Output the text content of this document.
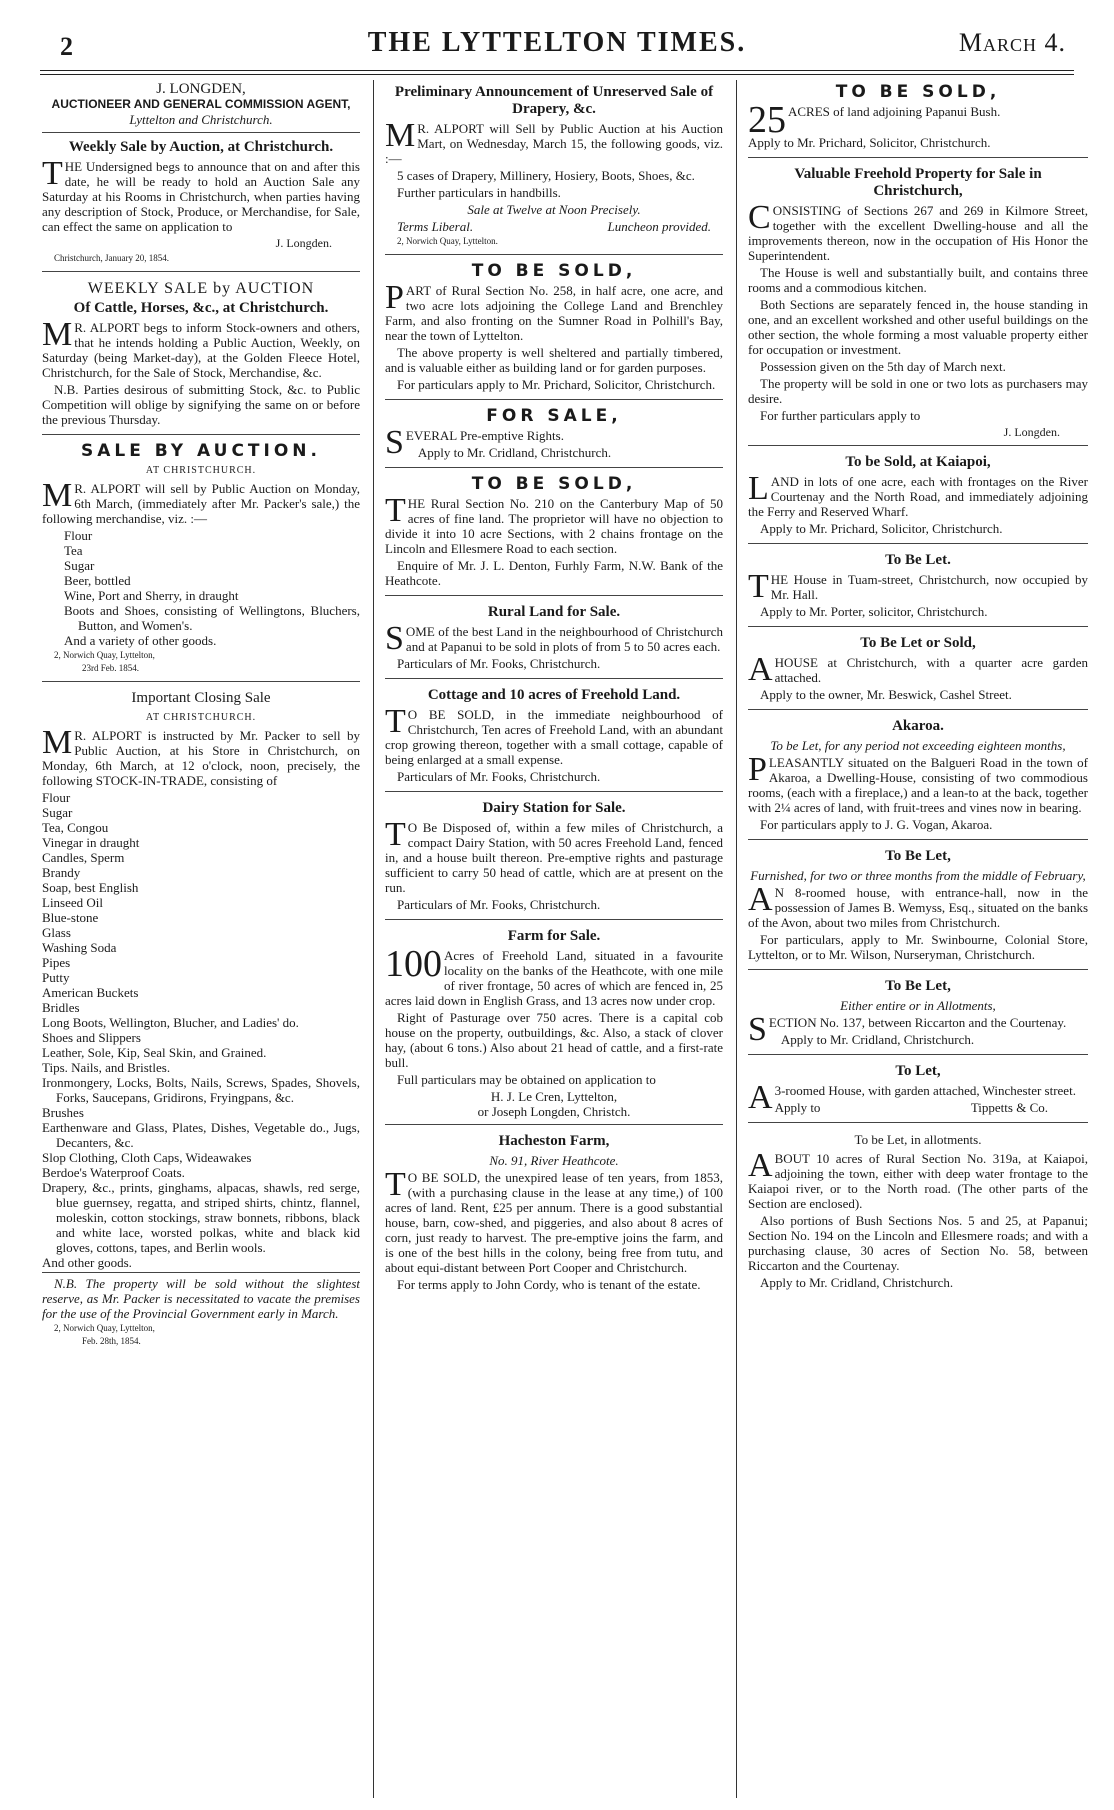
2	THE LYTTELTON TIMES.	March 4.
J. LONGDEN,
AUCTIONEER AND GENERAL COMMISSION AGENT,
Lyttelton and Christchurch.
Weekly Sale by Auction, at Christchurch.

THE Undersigned begs to announce that on and after this date, he will be ready to hold an Auction Sale any Saturday at his Rooms in Christchurch, when parties having any description of Stock, Produce, or Merchandise, for Sale, can effect the same on application to

J. Longden.
Christchurch, January 20, 1854.
WEEKLY SALE by AUCTION
Of Cattle, Horses, &c., at Christchurch.

M R. ALPORT begs to inform Stock-owners and others, that he intends holding a Public Auction, Weekly, on Saturday (being Market-day), at the Golden Fleece Hotel, Christchurch, for the Sale of Stock, Merchandise, &c.

N.B. Parties desirous of submitting Stock, &c. to Public Competition will oblige by signifying the same on or before the previous Thursday.

SALE BY AUCTION.
AT CHRISTCHURCH.

M R. ALPORT will sell by Public Auction on Monday, 6th March, (immediately after Mr. Packer's sale,) the following merchandise, viz. :—

Flour
Tea
Sugar
Beer, bottled
Wine, Port and Sherry, in draught
Boots and Shoes, consisting of Wellingtons, Bluchers, Button, and Women's.
And a variety of other goods.
2, Norwich Quay, Lyttelton,
23rd Feb. 1854.
Important Closing Sale
AT CHRISTCHURCH.

M R. ALPORT is instructed by Mr. Packer to sell by Public Auction, at his Store in Christchurch, on Monday, 6th March, at 12 o'clock, noon, precisely, the following STOCK-IN-TRADE, consisting of

Flour
Sugar
Tea, Congou
Vinegar in draught
Candles, Sperm
Brandy
Soap, best English
Linseed Oil
Blue-stone
Glass
Washing Soda
Pipes
Putty
American Buckets
Bridles
Long Boots, Wellington, Blucher, and Ladies' do.
Shoes and Slippers
Leather, Sole, Kip, Seal Skin, and Grained.
Tips. Nails, and Bristles.
Ironmongery, Locks, Bolts, Nails, Screws, Spades, Shovels, Forks, Saucepans, Gridirons, Fryingpans, &c.
Brushes
Earthenware and Glass, Plates, Dishes, Vegetable do., Jugs, Decanters, &c.
Slop Clothing, Cloth Caps, Wideawakes
Berdoe's Waterproof Coats.
Drapery, &c., prints, ginghams, alpacas, shawls, red serge, blue guernsey, regatta, and striped shirts, chintz, flannel, moleskin, cotton stockings, straw bonnets, ribbons, black and white lace, worsted polkas, white and black kid gloves, cottons, tapes, and Berlin wools.
And other goods.

N.B. The property will be sold without the slightest reserve, as Mr. Packer is necessitated to vacate the premises for the use of the Provincial Government early in March.

2, Norwich Quay, Lyttelton,
Feb. 28th, 1854.
Preliminary Announcement of Unreserved Sale of Drapery, &c.

M R. ALPORT will Sell by Public Auction at his Auction Mart, on Wednesday, March 15, the following goods, viz. :—

5 cases of Drapery, Millinery, Hosiery, Boots, Shoes, &c.

Further particulars in handbills.

Sale at Twelve at Noon Precisely.
Terms Liberal.	Luncheon provided.
2, Norwich Quay, Lyttelton.
TO BE SOLD,

PART of Rural Section No. 258, in half acre, one acre, and two acre lots adjoining the College Land and Brenchley Farm, and also fronting on the Sumner Road in Polhill's Bay, near the town of Lyttelton.

The above property is well sheltered and partially timbered, and is valuable either as building land or for garden purposes.

For particulars apply to Mr. Prichard, Solicitor, Christchurch.

FOR SALE,

SEVERAL Pre-emptive Rights.

Apply to Mr. Cridland, Christchurch.

TO BE SOLD,

THE Rural Section No. 210 on the Canterbury Map of 50 acres of fine land. The proprietor will have no objection to divide it into 10 acre Sections, with 2 chains frontage on the Lincoln and Ellesmere Road to each section.

Enquire of Mr. J. L. Denton, Furhly Farm, N.W. Bank of the Heathcote.

Rural Land for Sale.

SOME of the best Land in the neighbourhood of Christchurch and at Papanui to be sold in plots of from 5 to 50 acres each.

Particulars of Mr. Fooks, Christchurch.

Cottage and 10 acres of Freehold Land.

T O BE SOLD, in the immediate neighbourhood of Christchurch, Ten acres of Freehold Land, with an abundant crop growing thereon, together with a small cottage, capable of being enlarged at a small expense.

Particulars of Mr. Fooks, Christchurch.

Dairy Station for Sale.

T O Be Disposed of, within a few miles of Christchurch, a compact Dairy Station, with 50 acres Freehold Land, fenced in, and a house built thereon. Pre-emptive rights and pasturage sufficient to carry 50 head of cattle, which are at present on the run.

Particulars of Mr. Fooks, Christchurch.

Farm for Sale.

100 Acres of Freehold Land, situated in a favourite locality on the banks of the Heathcote, with one mile of river frontage, 50 acres of which are fenced in, 25 acres laid down in English Grass, and 13 acres now under crop.

Right of Pasturage over 750 acres. There is a capital cob house on the property, outbuildings, &c. Also, a stack of clover hay, (about 6 tons.) Also about 21 head of cattle, and a first-rate bull.

Full particulars may be obtained on application to

H. J. Le Cren, Lyttelton,
or Joseph Longden, Christch.
Hacheston Farm,
No. 91, River Heathcote.

T O BE SOLD, the unexpired lease of ten years, from 1853, (with a purchasing clause in the lease at any time,) of 100 acres of land. Rent, £25 per annum. There is a good substantial house, barn, cow-shed, and piggeries, and also about 8 acres of corn, just ready to harvest. The pre-emptive joins the farm, and is one of the best hills in the colony, being free from tutu, and about equi-distant between Port Cooper and Christchurch.

For terms apply to John Cordy, who is tenant of the estate.

TO BE SOLD,

25 ACRES of land adjoining Papanui Bush.

Apply to Mr. Prichard, Solicitor, Christchurch.

Valuable Freehold Property for Sale in Christchurch,

CONSISTING of Sections 267 and 269 in Kilmore Street, together with the excellent Dwelling-house and all the improvements thereon, now in the occupation of His Honor the Superintendent.

The House is well and substantially built, and contains three rooms and a commodious kitchen.

Both Sections are separately fenced in, the house standing in one, and an excellent workshed and other useful buildings on the other section, the whole forming a most valuable property either for occupation or investment.

Possession given on the 5th day of March next.

The property will be sold in one or two lots as purchasers may desire.

For further particulars apply to

J. Longden.
To be Sold, at Kaiapoi,

LAND in lots of one acre, each with frontages on the River Courtenay and the North Road, and immediately adjoining the Ferry and Reserved Wharf.

Apply to Mr. Prichard, Solicitor, Christchurch.

To Be Let.

THE House in Tuam-street, Christchurch, now occupied by Mr. Hall.

Apply to Mr. Porter, solicitor, Christchurch.

To Be Let or Sold,

AHOUSE at Christchurch, with a quarter acre garden attached.

Apply to the owner, Mr. Beswick, Cashel Street.

Akaroa.
To be Let, for any period not exceeding eighteen months,

PLEASANTLY situated on the Balgueri Road in the town of Akaroa, a Dwelling-House, consisting of two commodious rooms, (each with a fireplace,) and a lean-to at the back, together with 2¼ acres of land, with fruit-trees and vines now in bearing.

For particulars apply to J. G. Vogan, Akaroa.

To Be Let,
Furnished, for two or three months from the middle of February,

A N 8-roomed house, with entrance-hall, now in the possession of James B. Wemyss, Esq., situated on the banks of the Avon, about two miles from Christchurch.

For particulars, apply to Mr. Swinbourne, Colonial Store, Lyttelton, or to Mr. Wilson, Nurseryman, Christchurch.

To Be Let,
Either entire or in Allotments,

SECTION No. 137, between Riccarton and the Courtenay.

Apply to Mr. Cridland, Christchurch.

To Let,

A 3-roomed House, with garden attached, Winchester street.

Apply to	Tippetts & Co.
To be Let, in allotments.

ABOUT 10 acres of Rural Section No. 319a, at Kaiapoi, adjoining the town, either with deep water frontage to the Kaiapoi river, or to the North road. (The other parts of the Section are enclosed).

Also portions of Bush Sections Nos. 5 and 25, at Papanui; Section No. 194 on the Lincoln and Ellesmere roads; and with a purchasing clause, 30 acres of Section No. 58, between Riccarton and the Courtenay.

Apply to Mr. Cridland, Christchurch.
